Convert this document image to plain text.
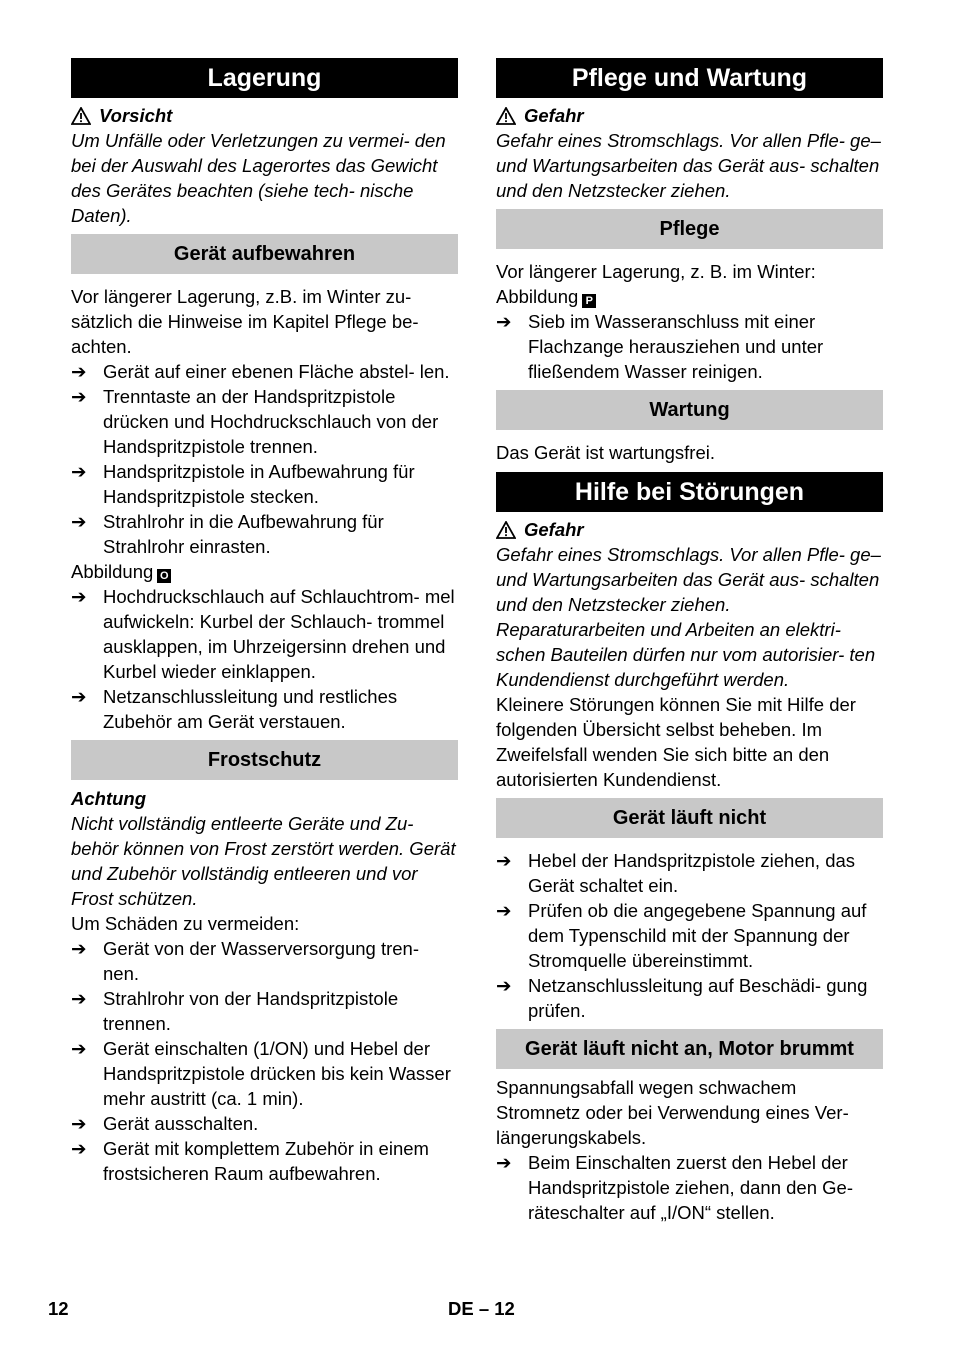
Lagerung
Vorsicht
Um Unfälle oder Verletzungen zu vermei- den bei der Auswahl des Lagerortes das Gewicht des Gerätes beachten (siehe tech- nische Daten).
Gerät aufbewahren
Vor längerer Lagerung, z.B. im Winter zu- sätzlich die Hinweise im Kapitel Pflege be- achten.
➔ Gerät auf einer ebenen Fläche abstel- len.
➔ Trenntaste an der Handspritzpistole drücken und Hochdruckschlauch von der Handspritzpistole trennen.
➔ Handspritzpistole in Aufbewahrung für Handspritzpistole stecken.
➔ Strahlrohr in die Aufbewahrung für Strahlrohr einrasten.
Abbildung O
➔ Hochdruckschlauch auf Schlauchtrom- mel aufwickeln: Kurbel der Schlauch- trommel ausklappen, im Uhrzeigersinn drehen und Kurbel wieder einklappen.
➔ Netzanschlussleitung und restliches Zubehör am Gerät verstauen.
Frostschutz
Achtung
Nicht vollständig entleerte Geräte und Zu- behör können von Frost zerstört werden. Gerät und Zubehör vollständig entleeren und vor Frost schützen.
Um Schäden zu vermeiden:
➔ Gerät von der Wasserversorgung tren- nen.
➔ Strahlrohr von der Handspritzpistole trennen.
➔ Gerät einschalten (1/ON) und Hebel der Handspritzpistole drücken bis kein Wasser mehr austritt (ca. 1 min).
➔ Gerät ausschalten.
➔ Gerät mit komplettem Zubehör in einem frostsicheren Raum aufbewahren.
Pflege und Wartung
Gefahr
Gefahr eines Stromschlags. Vor allen Pfle- ge– und Wartungsarbeiten das Gerät aus- schalten und den Netzstecker ziehen.
Pflege
Vor längerer Lagerung, z. B. im Winter:
Abbildung P
➔ Sieb im Wasseranschluss mit einer Flachzange herausziehen und unter fließendem Wasser reinigen.
Wartung
Das Gerät ist wartungsfrei.
Hilfe bei Störungen
Gefahr
Gefahr eines Stromschlags. Vor allen Pfle- ge– und Wartungsarbeiten das Gerät aus- schalten und den Netzstecker ziehen. Reparaturarbeiten und Arbeiten an elektri- schen Bauteilen dürfen nur vom autorisier- ten Kundendienst durchgeführt werden.
Kleinere Störungen können Sie mit Hilfe der folgenden Übersicht selbst beheben. Im Zweifelsfall wenden Sie sich bitte an den autorisierten Kundendienst.
Gerät läuft nicht
➔ Hebel der Handspritzpistole ziehen, das Gerät schaltet ein.
➔ Prüfen ob die angegebene Spannung auf dem Typenschild mit der Spannung der Stromquelle übereinstimmt.
➔ Netzanschlussleitung auf Beschädi- gung prüfen.
Gerät läuft nicht an, Motor brummt
Spannungsabfall wegen schwachem Stromnetz oder bei Verwendung eines Ver- längerungskabels.
➔ Beim Einschalten zuerst den Hebel der Handspritzpistole ziehen, dann den Ge- räteschalter auf „I/ON“ stellen.
12	DE – 12
